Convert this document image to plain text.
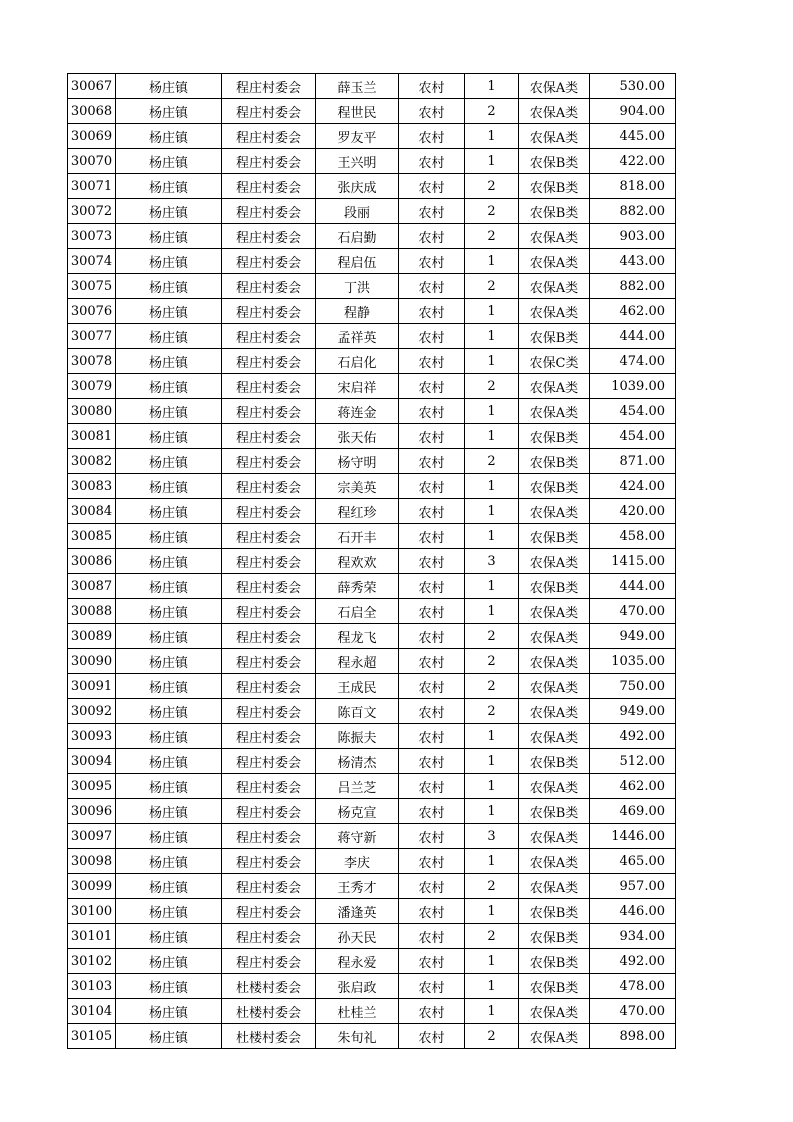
30067	杨庄镇	程庄村委会	薛玉兰	农村	1	农保A类	530.00
30068	杨庄镇	程庄村委会	程世民	农村	2	农保A类	904.00
30069	杨庄镇	程庄村委会	罗友平	农村	1	农保A类	445.00
30070	杨庄镇	程庄村委会	王兴明	农村	1	农保B类	422.00
30071	杨庄镇	程庄村委会	张庆成	农村	2	农保B类	818.00
30072	杨庄镇	程庄村委会	段丽	农村	2	农保B类	882.00
30073	杨庄镇	程庄村委会	石启勤	农村	2	农保A类	903.00
30074	杨庄镇	程庄村委会	程启伍	农村	1	农保A类	443.00
30075	杨庄镇	程庄村委会	丁洪	农村	2	农保A类	882.00
30076	杨庄镇	程庄村委会	程静	农村	1	农保A类	462.00
30077	杨庄镇	程庄村委会	孟祥英	农村	1	农保B类	444.00
30078	杨庄镇	程庄村委会	石启化	农村	1	农保C类	474.00
30079	杨庄镇	程庄村委会	宋启祥	农村	2	农保A类	1039.00
30080	杨庄镇	程庄村委会	蒋连金	农村	1	农保A类	454.00
30081	杨庄镇	程庄村委会	张天佑	农村	1	农保B类	454.00
30082	杨庄镇	程庄村委会	杨守明	农村	2	农保B类	871.00
30083	杨庄镇	程庄村委会	宗美英	农村	1	农保B类	424.00
30084	杨庄镇	程庄村委会	程红珍	农村	1	农保A类	420.00
30085	杨庄镇	程庄村委会	石开丰	农村	1	农保B类	458.00
30086	杨庄镇	程庄村委会	程欢欢	农村	3	农保A类	1415.00
30087	杨庄镇	程庄村委会	薛秀荣	农村	1	农保B类	444.00
30088	杨庄镇	程庄村委会	石启全	农村	1	农保A类	470.00
30089	杨庄镇	程庄村委会	程龙飞	农村	2	农保A类	949.00
30090	杨庄镇	程庄村委会	程永超	农村	2	农保A类	1035.00
30091	杨庄镇	程庄村委会	王成民	农村	2	农保A类	750.00
30092	杨庄镇	程庄村委会	陈百文	农村	2	农保A类	949.00
30093	杨庄镇	程庄村委会	陈振夫	农村	1	农保A类	492.00
30094	杨庄镇	程庄村委会	杨清杰	农村	1	农保B类	512.00
30095	杨庄镇	程庄村委会	吕兰芝	农村	1	农保A类	462.00
30096	杨庄镇	程庄村委会	杨克宣	农村	1	农保B类	469.00
30097	杨庄镇	程庄村委会	蒋守新	农村	3	农保A类	1446.00
30098	杨庄镇	程庄村委会	李庆	农村	1	农保A类	465.00
30099	杨庄镇	程庄村委会	王秀才	农村	2	农保A类	957.00
30100	杨庄镇	程庄村委会	潘逢英	农村	1	农保B类	446.00
30101	杨庄镇	程庄村委会	孙天民	农村	2	农保B类	934.00
30102	杨庄镇	程庄村委会	程永爱	农村	1	农保B类	492.00
30103	杨庄镇	杜楼村委会	张启政	农村	1	农保B类	478.00
30104	杨庄镇	杜楼村委会	杜桂兰	农村	1	农保A类	470.00
30105	杨庄镇	杜楼村委会	朱旬礼	农村	2	农保A类	898.00
